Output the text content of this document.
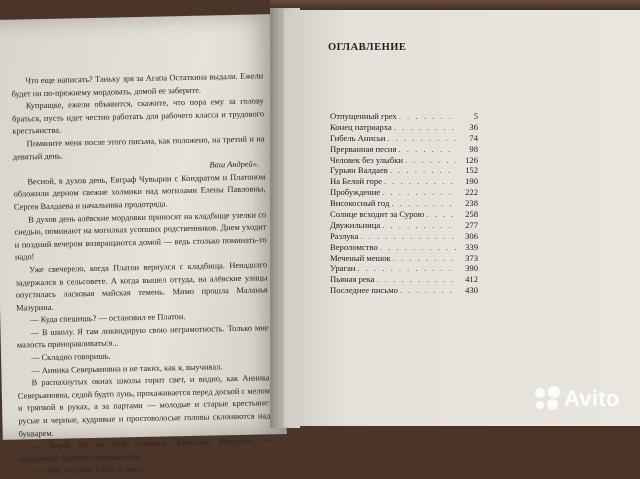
Что еще написать? Таньку зря за Агапа Остаткина выдали. Ежели будет он по-прежнему мордовать, домой ее заберите.

Купращке, ежели объявится, скажите, что пора ему за голову браться, пусть идет честно работать для рабочего класса и трудового крестьянства.

Помяните меня после этого письма, как положено, на третий и на девятый день.

Ваш Андрей».

Весной, в духов день, Евграф Чувырин с Кондратом и Платоном обложили дерном свежие холмики над могилами Елены Павловны, Сергея Валдаева и начальника продотряда.

В духов день алёвские мордовки приносят на кладбище узелки со снедью, поминают на могилках усопших родственников. Днем уходит и поздний вечером возвращаются домой — ведь столько поминать-то надо!

Уже свечерело, когда Платон вернулся с кладбища. Ненадолго задержался в сельсовете. А когда вышел оттуда, на алёвские улицы опустилась ласковая майская темень. Мимо прошла Маланья Мазурина.

— Куда спешишь? — остановил ее Платон.

— В школу. Я там ликвидирую свою неграмотность. Только мне малость приноравливаться...

— Складно говоришь.

— Анника Северьяновна и не таких, как я, выучивал.

В распахнутых окнах школы горит свет, и видно, как Анника Северьяновна, седой будто лунь, прохаживается перед доской с мелом и тряпкой в руках, а за партами — молодые и старые крестьяне: русые и черные, кудрявые и простоволосые головы склоняются над букварем.

— Читай все на этой странице, Христина Мазурина, — предложил Анника Северьяновна.

— «Мы не рабы. Рабы не мы».

ОГЛАВЛЕНИЕ
Отпущенный грех . . .	5
Конец патриарха . . .	36
Гибель Анисьи . . .	74
Прерванная песня . . .	98
Человек без улыбки . . .	126
Гурьян Валдаев . . .	152
На Белой горе . . .	190
Пробуждение . . .	222
Високосный год . . .	238
Солнце всходит за Сурою . . .	258
Двужильница . . .	277
Разлука . . .	306
Вероломство . . .	339
Меченый мешок . . .	373
Ураган . . .	390
Пьяная река . . .	412
Последнее письмо . . .	430
Avito
